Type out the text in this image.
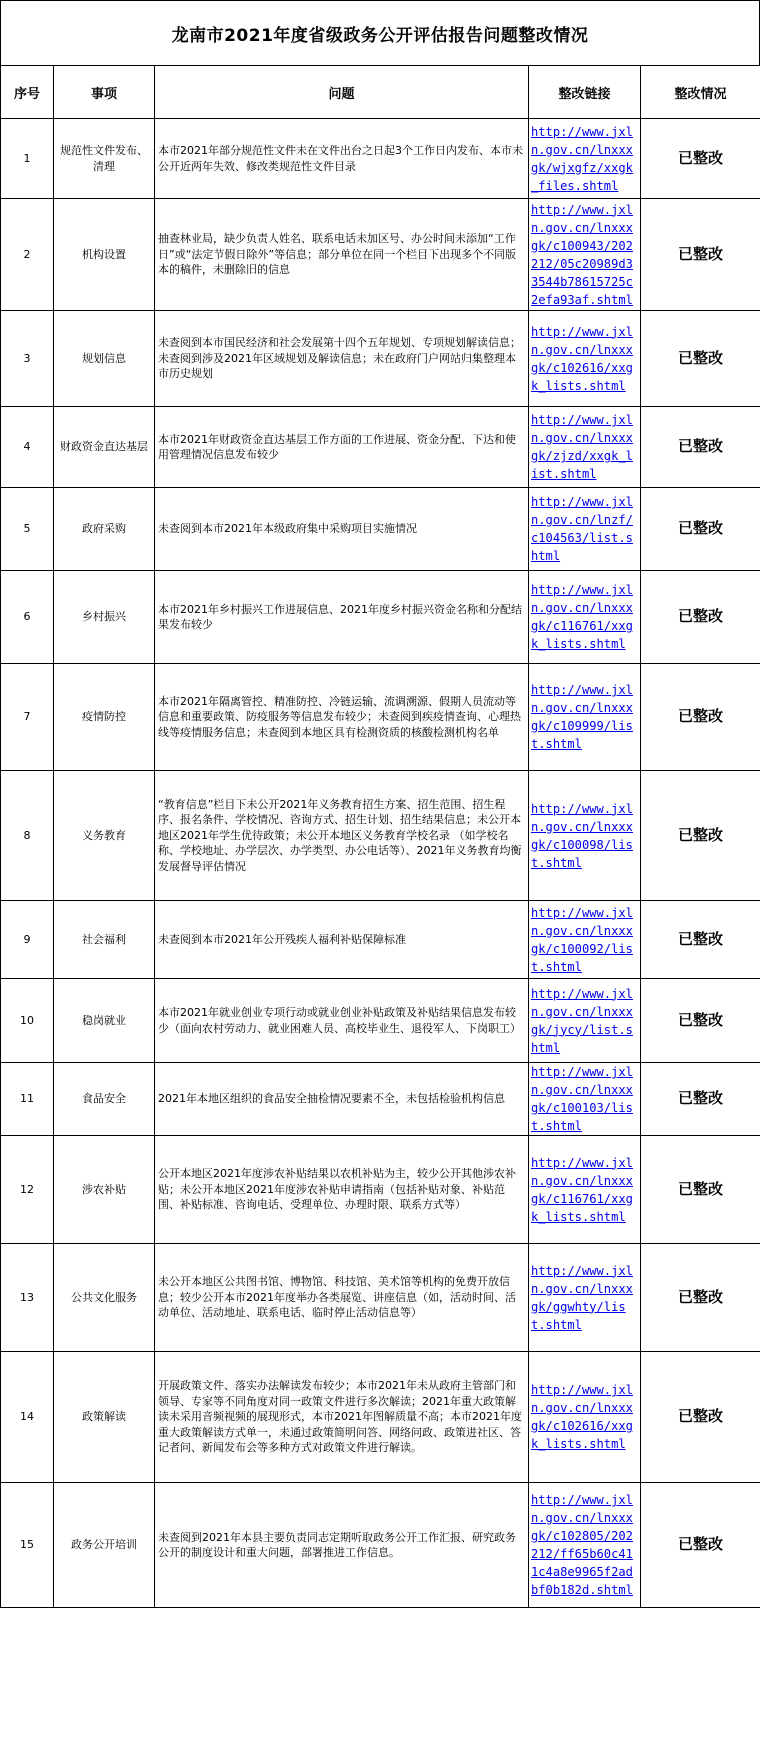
龙南市2021年度省级政务公开评估报告问题整改情况
序号	事项	问题	整改链接	整改情况
1	规范性文件发布、清理	本市2021年部分规范性文件未在文件出台之日起3个工作日内发布、本市未公开近两年失效、修改类规范性文件目录	http://www.jxln.gov.cn/lnxxxgk/wjxgfz/xxgk_files.shtml	已整改
2	机构设置	抽查林业局，缺少负责人姓名、联系电话未加区号、办公时间未添加“工作日”或“法定节假日除外”等信息；部分单位在同一个栏目下出现多个不同版本的稿件，未删除旧的信息	http://www.jxln.gov.cn/lnxxxgk/c100943/202212/05c20989d33544b78615725c2efa93af.shtml	已整改
3	规划信息	未查阅到本市国民经济和社会发展第十四个五年规划、专项规划解读信息；未查阅到涉及2021年区域规划及解读信息；未在政府门户网站归集整理本市历史规划	http://www.jxln.gov.cn/lnxxxgk/c102616/xxgk_lists.shtml	已整改
4	财政资金直达基层	本市2021年财政资金直达基层工作方面的工作进展、资金分配、下达和使用管理情况信息发布较少	http://www.jxln.gov.cn/lnxxxgk/zjzd/xxgk_list.shtml	已整改
5	政府采购	未查阅到本市2021年本级政府集中采购项目实施情况	http://www.jxln.gov.cn/lnzf/c104563/list.shtml	已整改
6	乡村振兴	本市2021年乡村振兴工作进展信息、2021年度乡村振兴资金名称和分配结果发布较少	http://www.jxln.gov.cn/lnxxxgk/c116761/xxgk_lists.shtml	已整改
7	疫情防控	本市2021年隔离管控、精准防控、冷链运输、流调溯源、假期人员流动等信息和重要政策、防疫服务等信息发布较少；未查阅到疾疫情查询、心理热线等疫情服务信息；未查阅到本地区具有检测资质的核酸检测机构名单	http://www.jxln.gov.cn/lnxxxgk/c109999/list.shtml	已整改
8	义务教育	“教育信息”栏目下未公开2021年义务教育招生方案、招生范围、招生程序、报名条件、学校情况、咨询方式、招生计划、招生结果信息；未公开本地区2021年学生优待政策；未公开本地区义务教育学校名录 （如学校名称、学校地址、办学层次、办学类型、办公电话等）、2021年义务教育均衡发展督导评估情况	http://www.jxln.gov.cn/lnxxxgk/c100098/list.shtml	已整改
9	社会福利	未查阅到本市2021年公开残疾人福利补贴保障标准	http://www.jxln.gov.cn/lnxxxgk/c100092/list.shtml	已整改
10	稳岗就业	本市2021年就业创业专项行动或就业创业补贴政策及补贴结果信息发布较少（面向农村劳动力、就业困难人员、高校毕业生、退役军人、下岗职工）	http://www.jxln.gov.cn/lnxxxgk/jycy/list.shtml	已整改
11	食品安全	2021年本地区组织的食品安全抽检情况要素不全，未包括检验机构信息	http://www.jxln.gov.cn/lnxxxgk/c100103/list.shtml	已整改
12	涉农补贴	公开本地区2021年度涉农补贴结果以农机补贴为主，较少公开其他涉农补贴；未公开本地区2021年度涉农补贴申请指南（包括补贴对象、补贴范围、补贴标准、咨询电话、受理单位、办理时限、联系方式等）	http://www.jxln.gov.cn/lnxxxgk/c116761/xxgk_lists.shtml	已整改
13	公共文化服务	未公开本地区公共图书馆、博物馆、科技馆、美术馆等机构的免费开放信息；较少公开本市2021年度举办各类展览、讲座信息（如，活动时间、活动单位、活动地址、联系电话、临时停止活动信息等）	http://www.jxln.gov.cn/lnxxxgk/ggwhty/list.shtml	已整改
14	政策解读	开展政策文件、落实办法解读发布较少；本市2021年未从政府主管部门和领导、专家等不同角度对同一政策文件进行多次解读；2021年重大政策解读未采用音频视频的展现形式，本市2021年图解质量不高；本市2021年度重大政策解读方式单一，未通过政策简明问答、网络问政、政策进社区、答记者问、新闻发布会等多种方式对政策文件进行解读。	http://www.jxln.gov.cn/lnxxxgk/c102616/xxgk_lists.shtml	已整改
15	政务公开培训	未查阅到2021年本县主要负责同志定期听取政务公开工作汇报、研究政务公开的制度设计和重大问题，部署推进工作信息。	http://www.jxln.gov.cn/lnxxxgk/c102805/202212/ff65b60c411c4a8e9965f2adbf0b182d.shtml	已整改
